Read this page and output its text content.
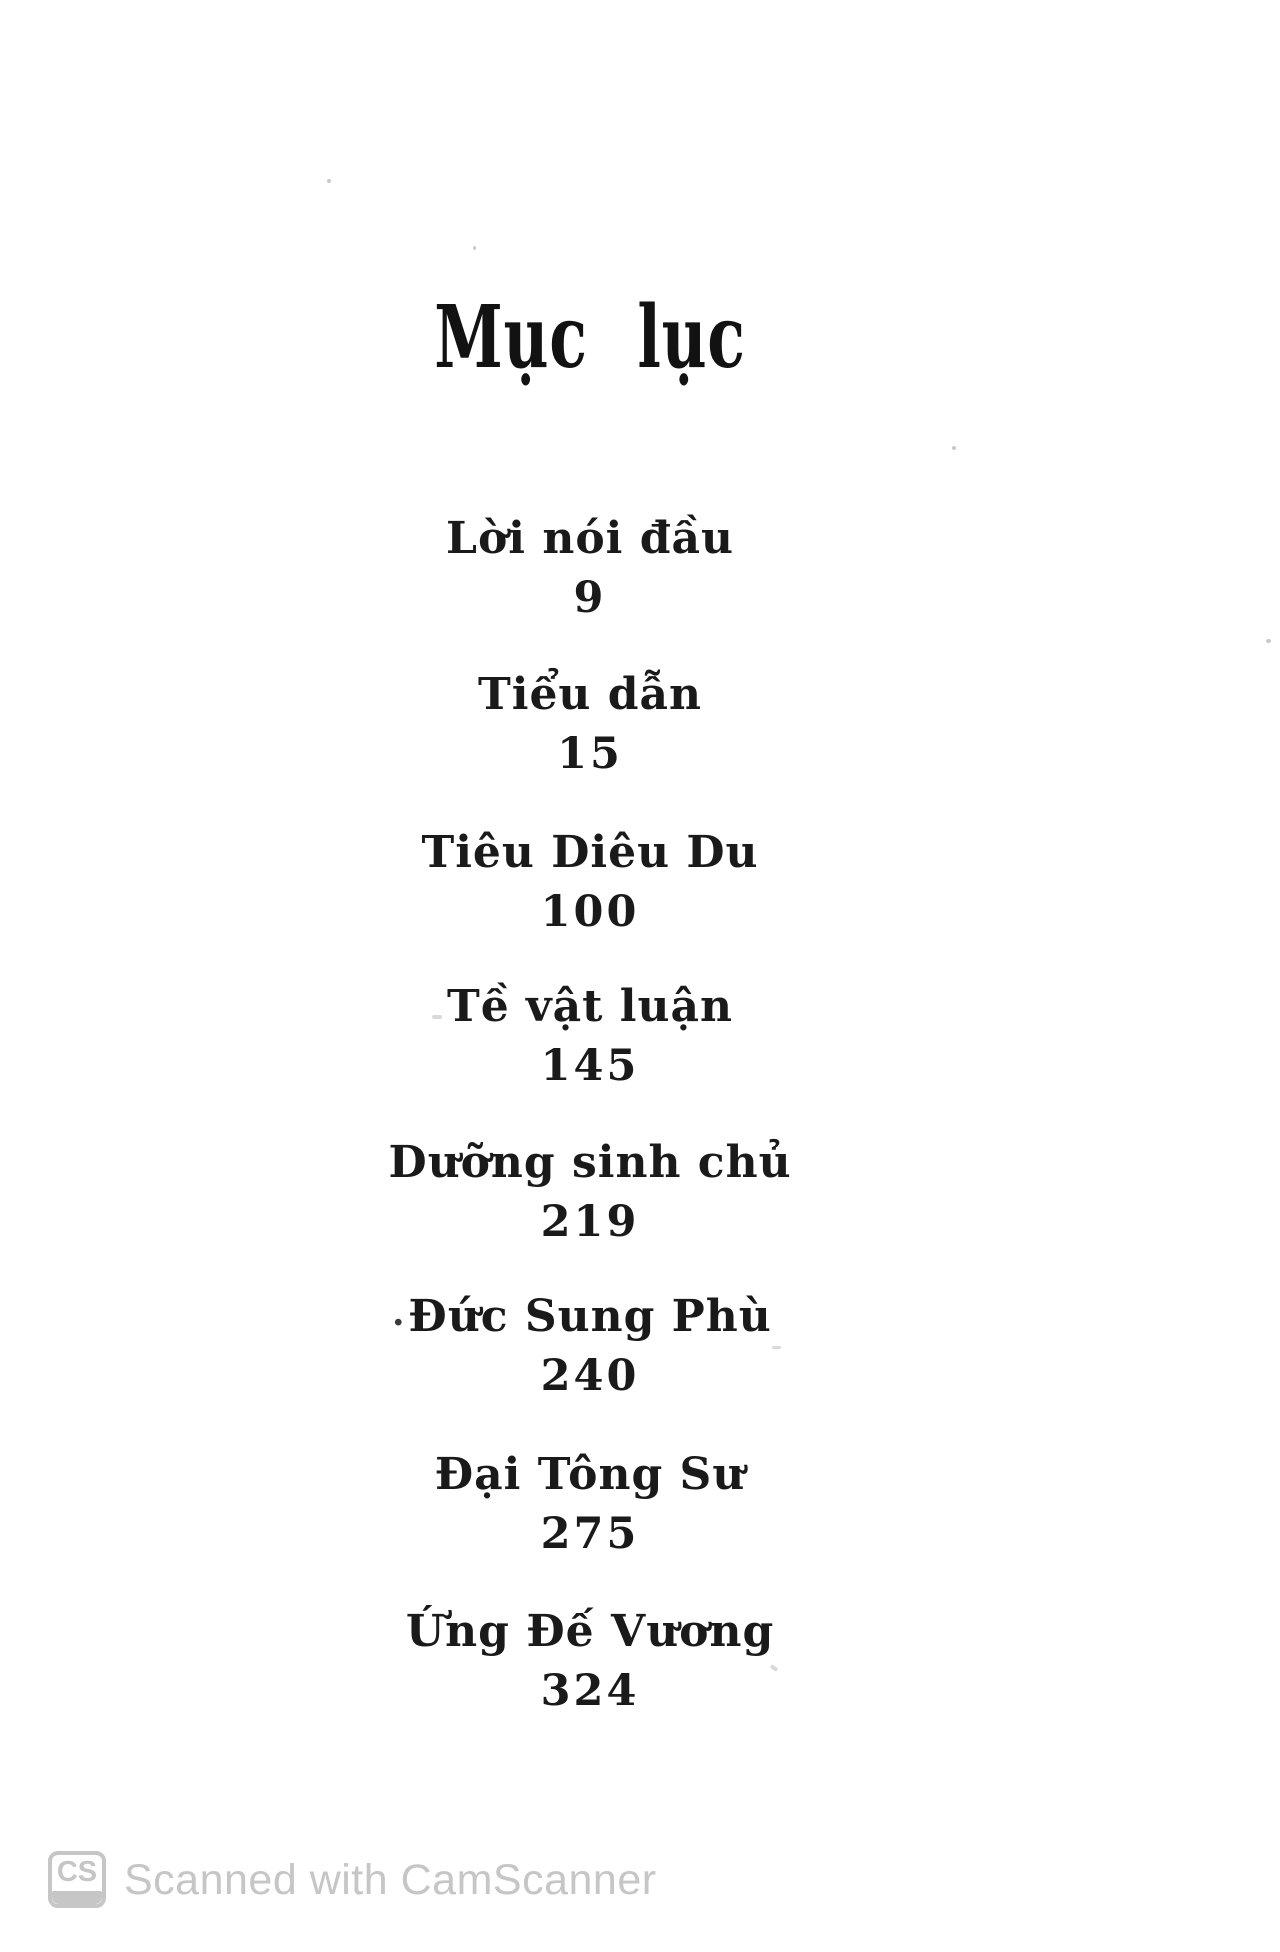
Mục lục
Lời nói đầu
9
Tiểu dẫn
15
Tiêu Diêu Du
100
Tề vật luận
145
Dưỡng sinh chủ
219
Đức Sung Phù
240
Đại Tông Sư
275
Ứng Đế Vương
324
.
CS Scanned with CamScanner
